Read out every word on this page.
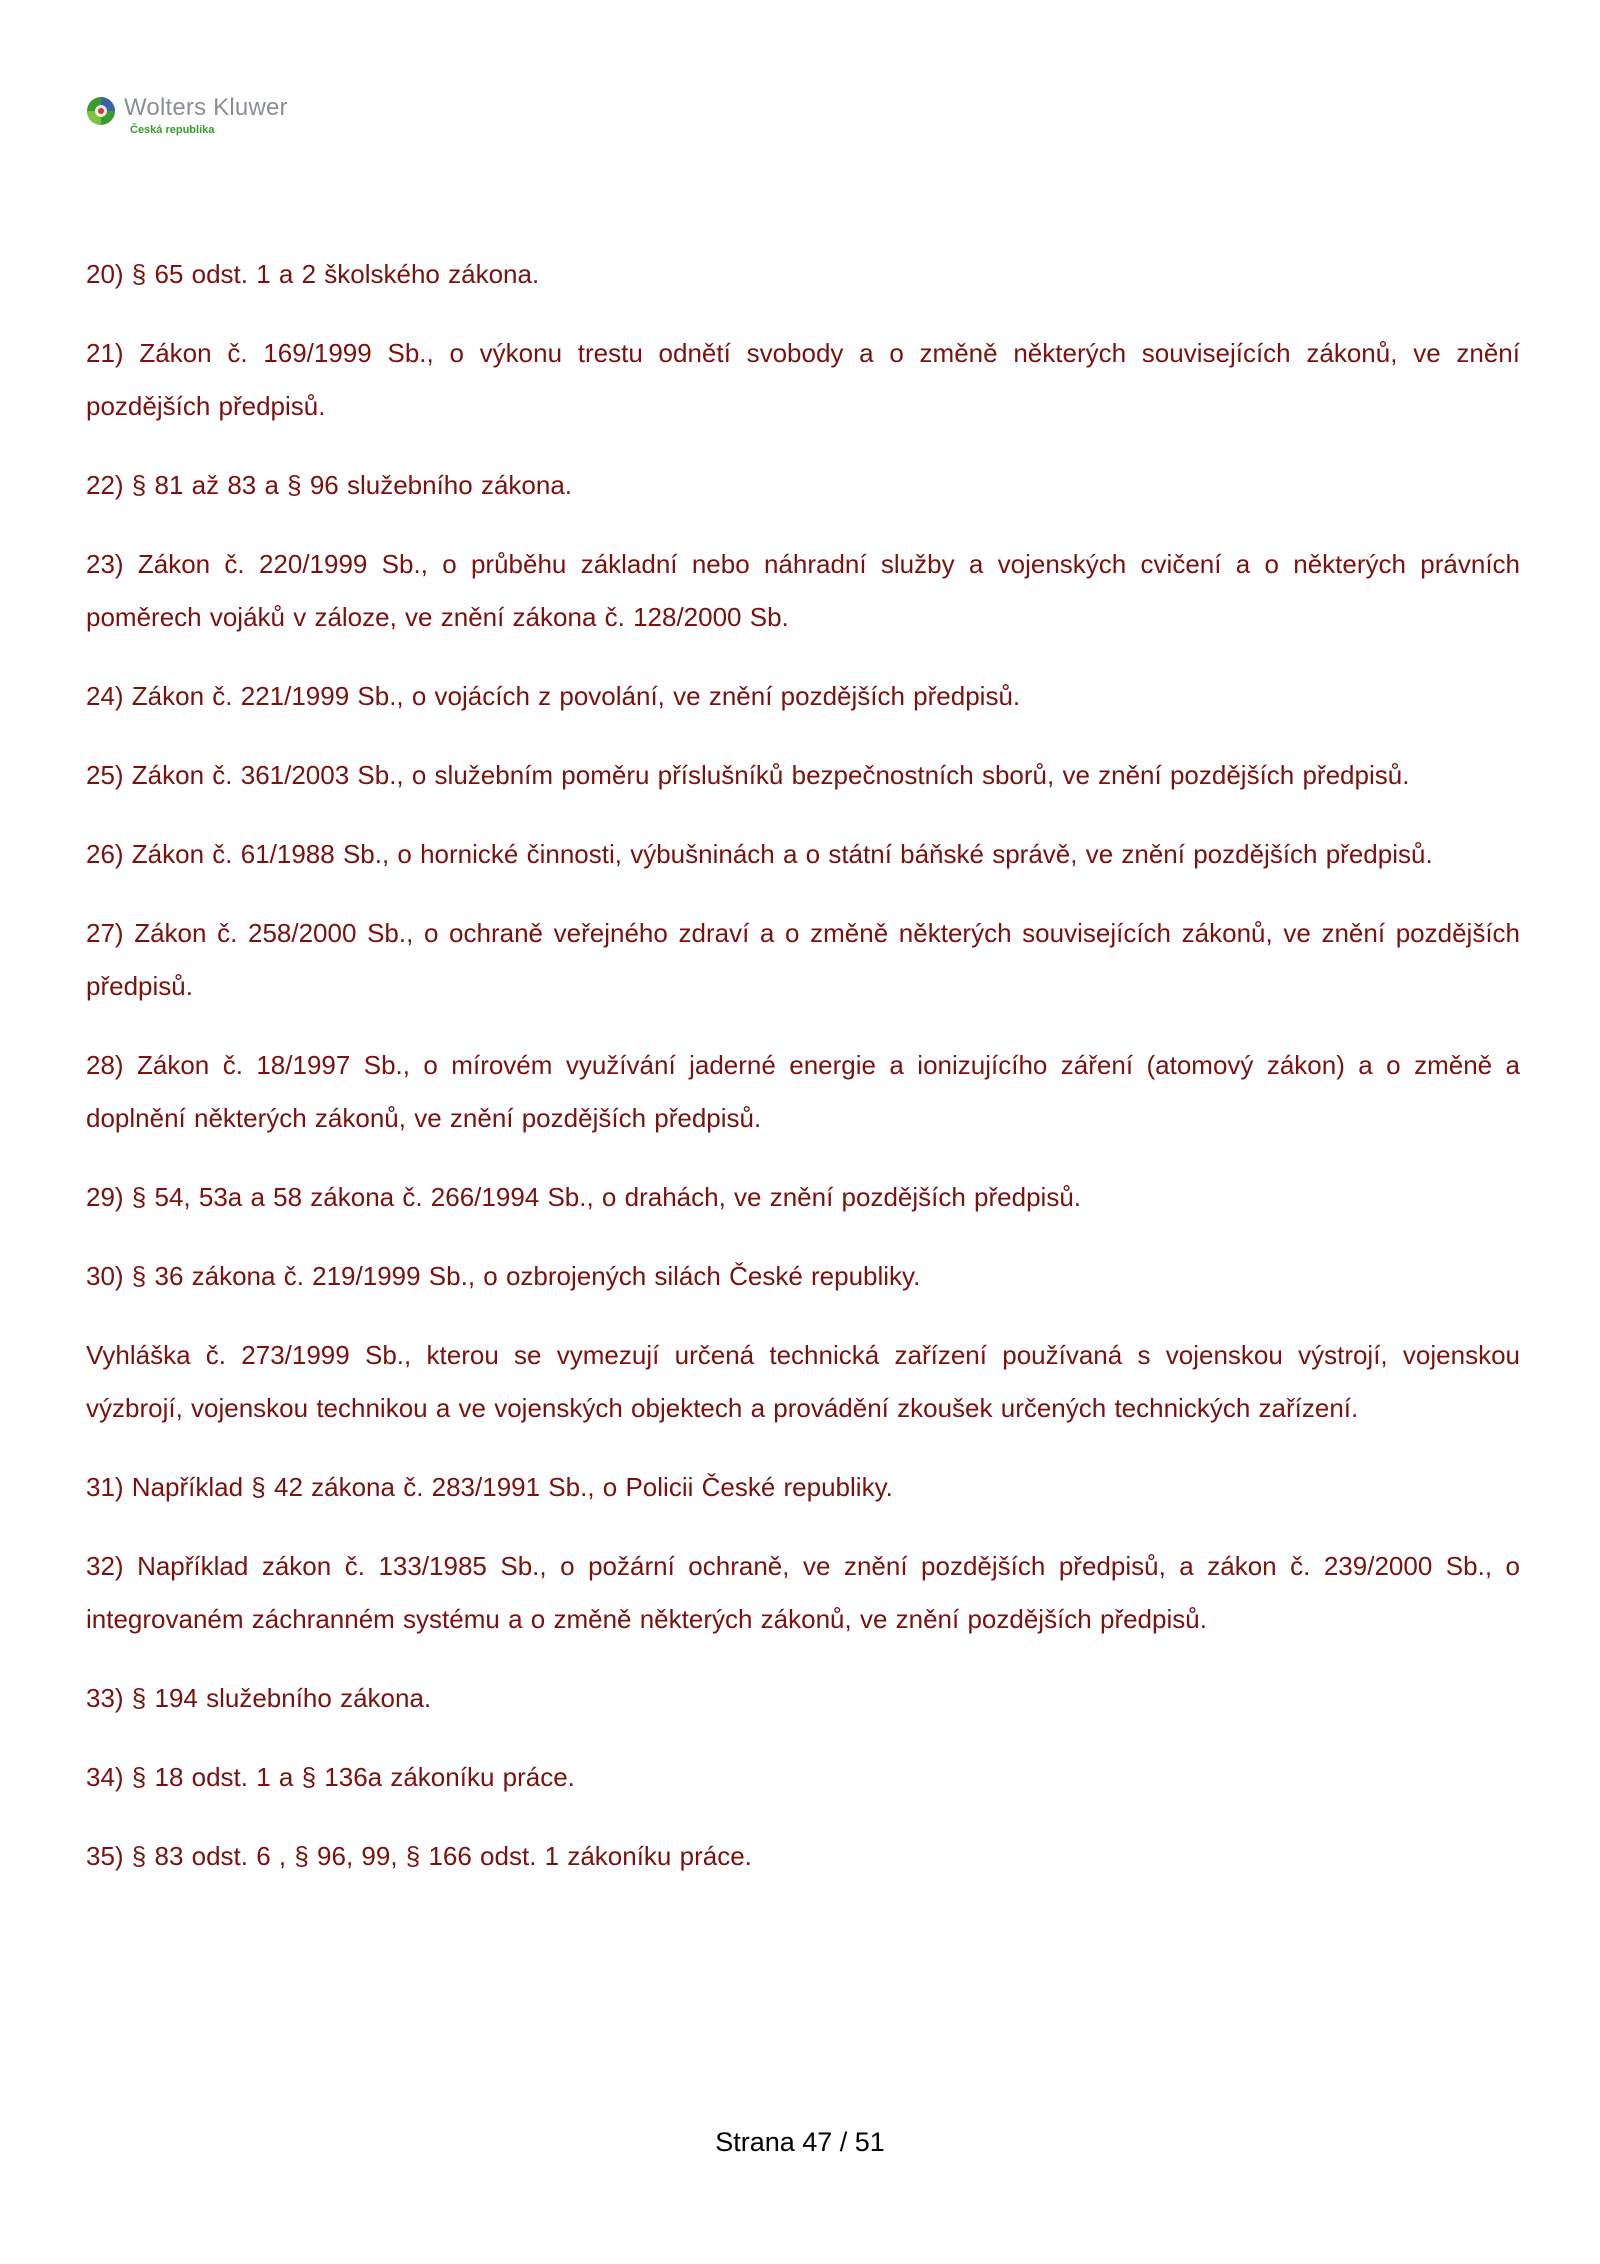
Wolters Kluwer
Česká republika

20) § 65 odst. 1 a 2 školského zákona.

21) Zákon č. 169/1999 Sb., o výkonu trestu odnětí svobody a o změně některých souvisejících zákonů, ve znění pozdějších předpisů.

22) § 81 až 83 a § 96 služebního zákona.

23) Zákon č. 220/1999 Sb., o průběhu základní nebo náhradní služby a vojenských cvičení a o některých právních poměrech vojáků v záloze, ve znění zákona č. 128/2000 Sb.

24) Zákon č. 221/1999 Sb., o vojácích z povolání, ve znění pozdějších předpisů.

25) Zákon č. 361/2003 Sb., o služebním poměru příslušníků bezpečnostních sborů, ve znění pozdějších předpisů.

26) Zákon č. 61/1988 Sb., o hornické činnosti, výbušninách a o státní báňské správě, ve znění pozdějších předpisů.

27) Zákon č. 258/2000 Sb., o ochraně veřejného zdraví a o změně některých souvisejících zákonů, ve znění pozdějších předpisů.

28) Zákon č. 18/1997 Sb., o mírovém využívání jaderné energie a ionizujícího záření (atomový zákon) a o změně a doplnění některých zákonů, ve znění pozdějších předpisů.

29) § 54, 53a a 58 zákona č. 266/1994 Sb., o drahách, ve znění pozdějších předpisů.

30) § 36 zákona č. 219/1999 Sb., o ozbrojených silách České republiky.

Vyhláška č. 273/1999 Sb., kterou se vymezují určená technická zařízení používaná s vojenskou výstrojí, vojenskou výzbrojí, vojenskou technikou a ve vojenských objektech a provádění zkoušek určených technických zařízení.

31) Například § 42 zákona č. 283/1991 Sb., o Policii České republiky.

32) Například zákon č. 133/1985 Sb., o požární ochraně, ve znění pozdějších předpisů, a zákon č. 239/2000 Sb., o integrovaném záchranném systému a o změně některých zákonů, ve znění pozdějších předpisů.

33) § 194 služebního zákona.

34) § 18 odst. 1 a § 136a zákoníku práce.

35) § 83 odst. 6 , § 96, 99, § 166 odst. 1 zákoníku práce.

Strana 47 / 51
